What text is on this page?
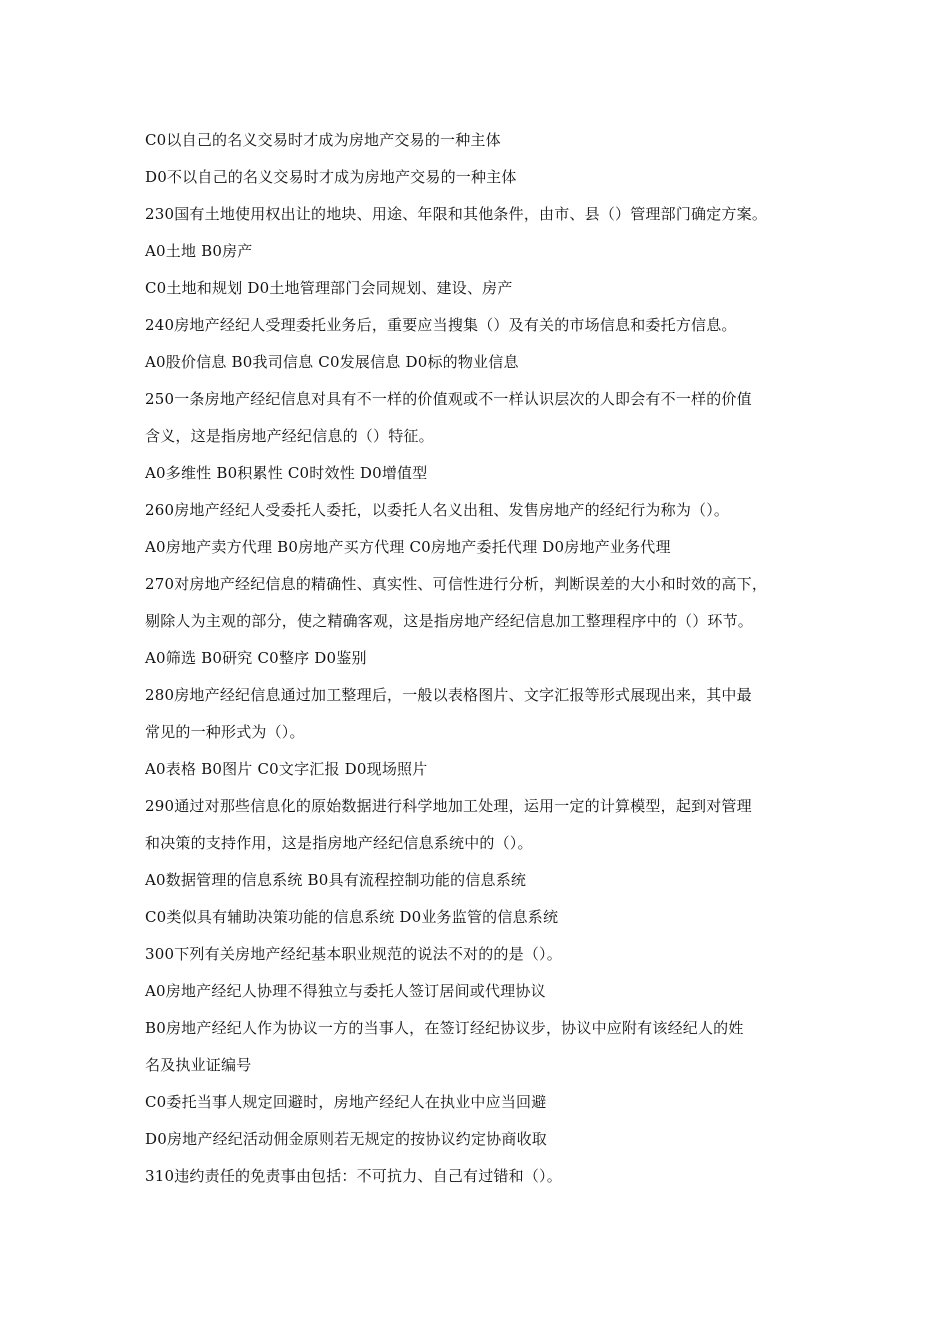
C0以自己的名义交易时才成为房地产交易的一种主体
D0不以自己的名义交易时才成为房地产交易的一种主体
230国有土地使用权出让的地块、用途、年限和其他条件，由市、县（）管理部门确定方案。
A0土地 B0房产
C0土地和规划 D0土地管理部门会同规划、建设、房产
240房地产经纪人受理委托业务后，重要应当搜集（）及有关的市场信息和委托方信息。
A0股价信息 B0我司信息 C0发展信息 D0标的物业信息
250一条房地产经纪信息对具有不一样的价值观或不一样认识层次的人即会有不一样的价值
含义，这是指房地产经纪信息的（）特征。
A0多维性 B0积累性 C0时效性 D0增值型
260房地产经纪人受委托人委托，以委托人名义出租、发售房地产的经纪行为称为（）。
A0房地产卖方代理 B0房地产买方代理 C0房地产委托代理 D0房地产业务代理
270对房地产经纪信息的精确性、真实性、可信性进行分析，判断误差的大小和时效的高下，
剔除人为主观的部分，使之精确客观，这是指房地产经纪信息加工整理程序中的（）环节。
A0筛选 B0研究 C0整序 D0鉴别
280房地产经纪信息通过加工整理后，一般以表格图片、文字汇报等形式展现出来，其中最
常见的一种形式为（）。
A0表格 B0图片 C0文字汇报 D0现场照片
290通过对那些信息化的原始数据进行科学地加工处理，运用一定的计算模型，起到对管理
和决策的支持作用，这是指房地产经纪信息系统中的（）。
A0数据管理的信息系统 B0具有流程控制功能的信息系统
C0类似具有辅助决策功能的信息系统 D0业务监管的信息系统
300下列有关房地产经纪基本职业规范的说法不对的的是（）。
A0房地产经纪人协理不得独立与委托人签订居间或代理协议
B0房地产经纪人作为协议一方的当事人，在签订经纪协议步，协议中应附有该经纪人的姓
名及执业证编号
C0委托当事人规定回避时，房地产经纪人在执业中应当回避
D0房地产经纪活动佣金原则若无规定的按协议约定协商收取
310违约责任的免责事由包括：不可抗力、自己有过错和（）。
